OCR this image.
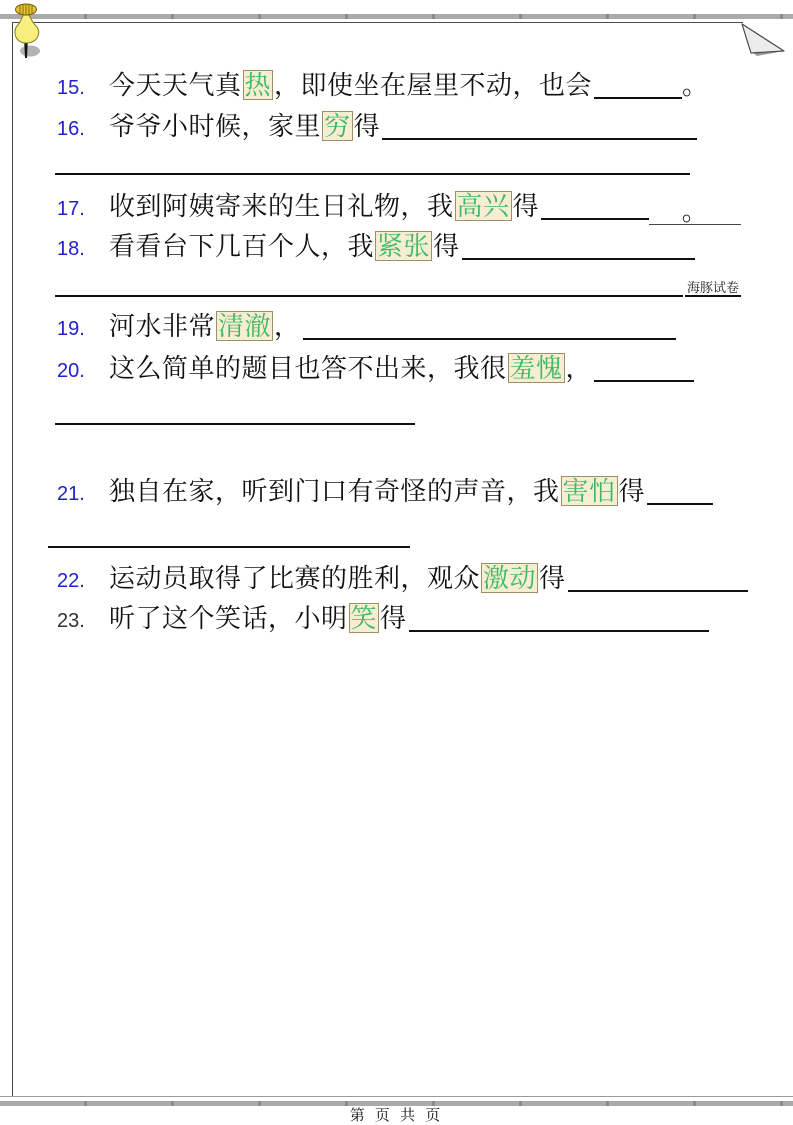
15. 今天天气真 热 ，即使坐在屋里不动，也会	。
16. 爷爷小时候，家里 穷 得
17. 收到阿姨寄来的生日礼物，我 高兴 得	。
18. 看看台下几百个人，我 紧张 得
海豚试卷
19. 河水非常 清澈 ，
20. 这么简单的题目也答不出来，我很 羞愧 ，
21. 独自在家，听到门口有奇怪的声音，我 害怕 得
22. 运动员取得了比赛的胜利，观众 激动 得
23. 听了这个笑话，小明 笑 得
第 页 共 页
